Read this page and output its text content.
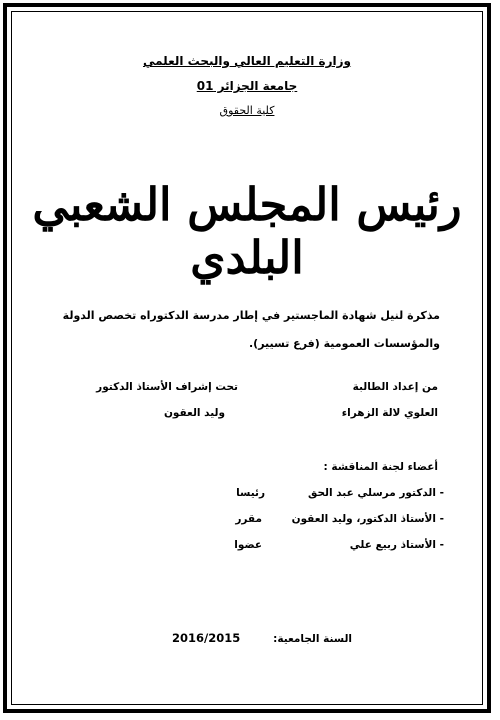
وزارة التعليم العالي والبحث العلمي
جامعة الجزائر 01
كلية الحقوق
رئيس المجلس الشعبي البلدي
مذكرة لنيل شهادة الماجستير في إطار مدرسة الدكتوراه تخصص الدولة
والمؤسسات العمومية (فرع تسيير).
من إعداد الطالبة
تحت إشراف الأستاذ الدكتور
العلوي لالة الزهراء
وليد العقون
أعضاء لجنة المناقشة :
- الدكتور مرسلي عبد الحق
رئيسا
- الأستاذ الدكتور، وليد العقون
مقرر
- الأستاذ ربيع علي
عضوا
السنة الجامعية:
2016/2015
